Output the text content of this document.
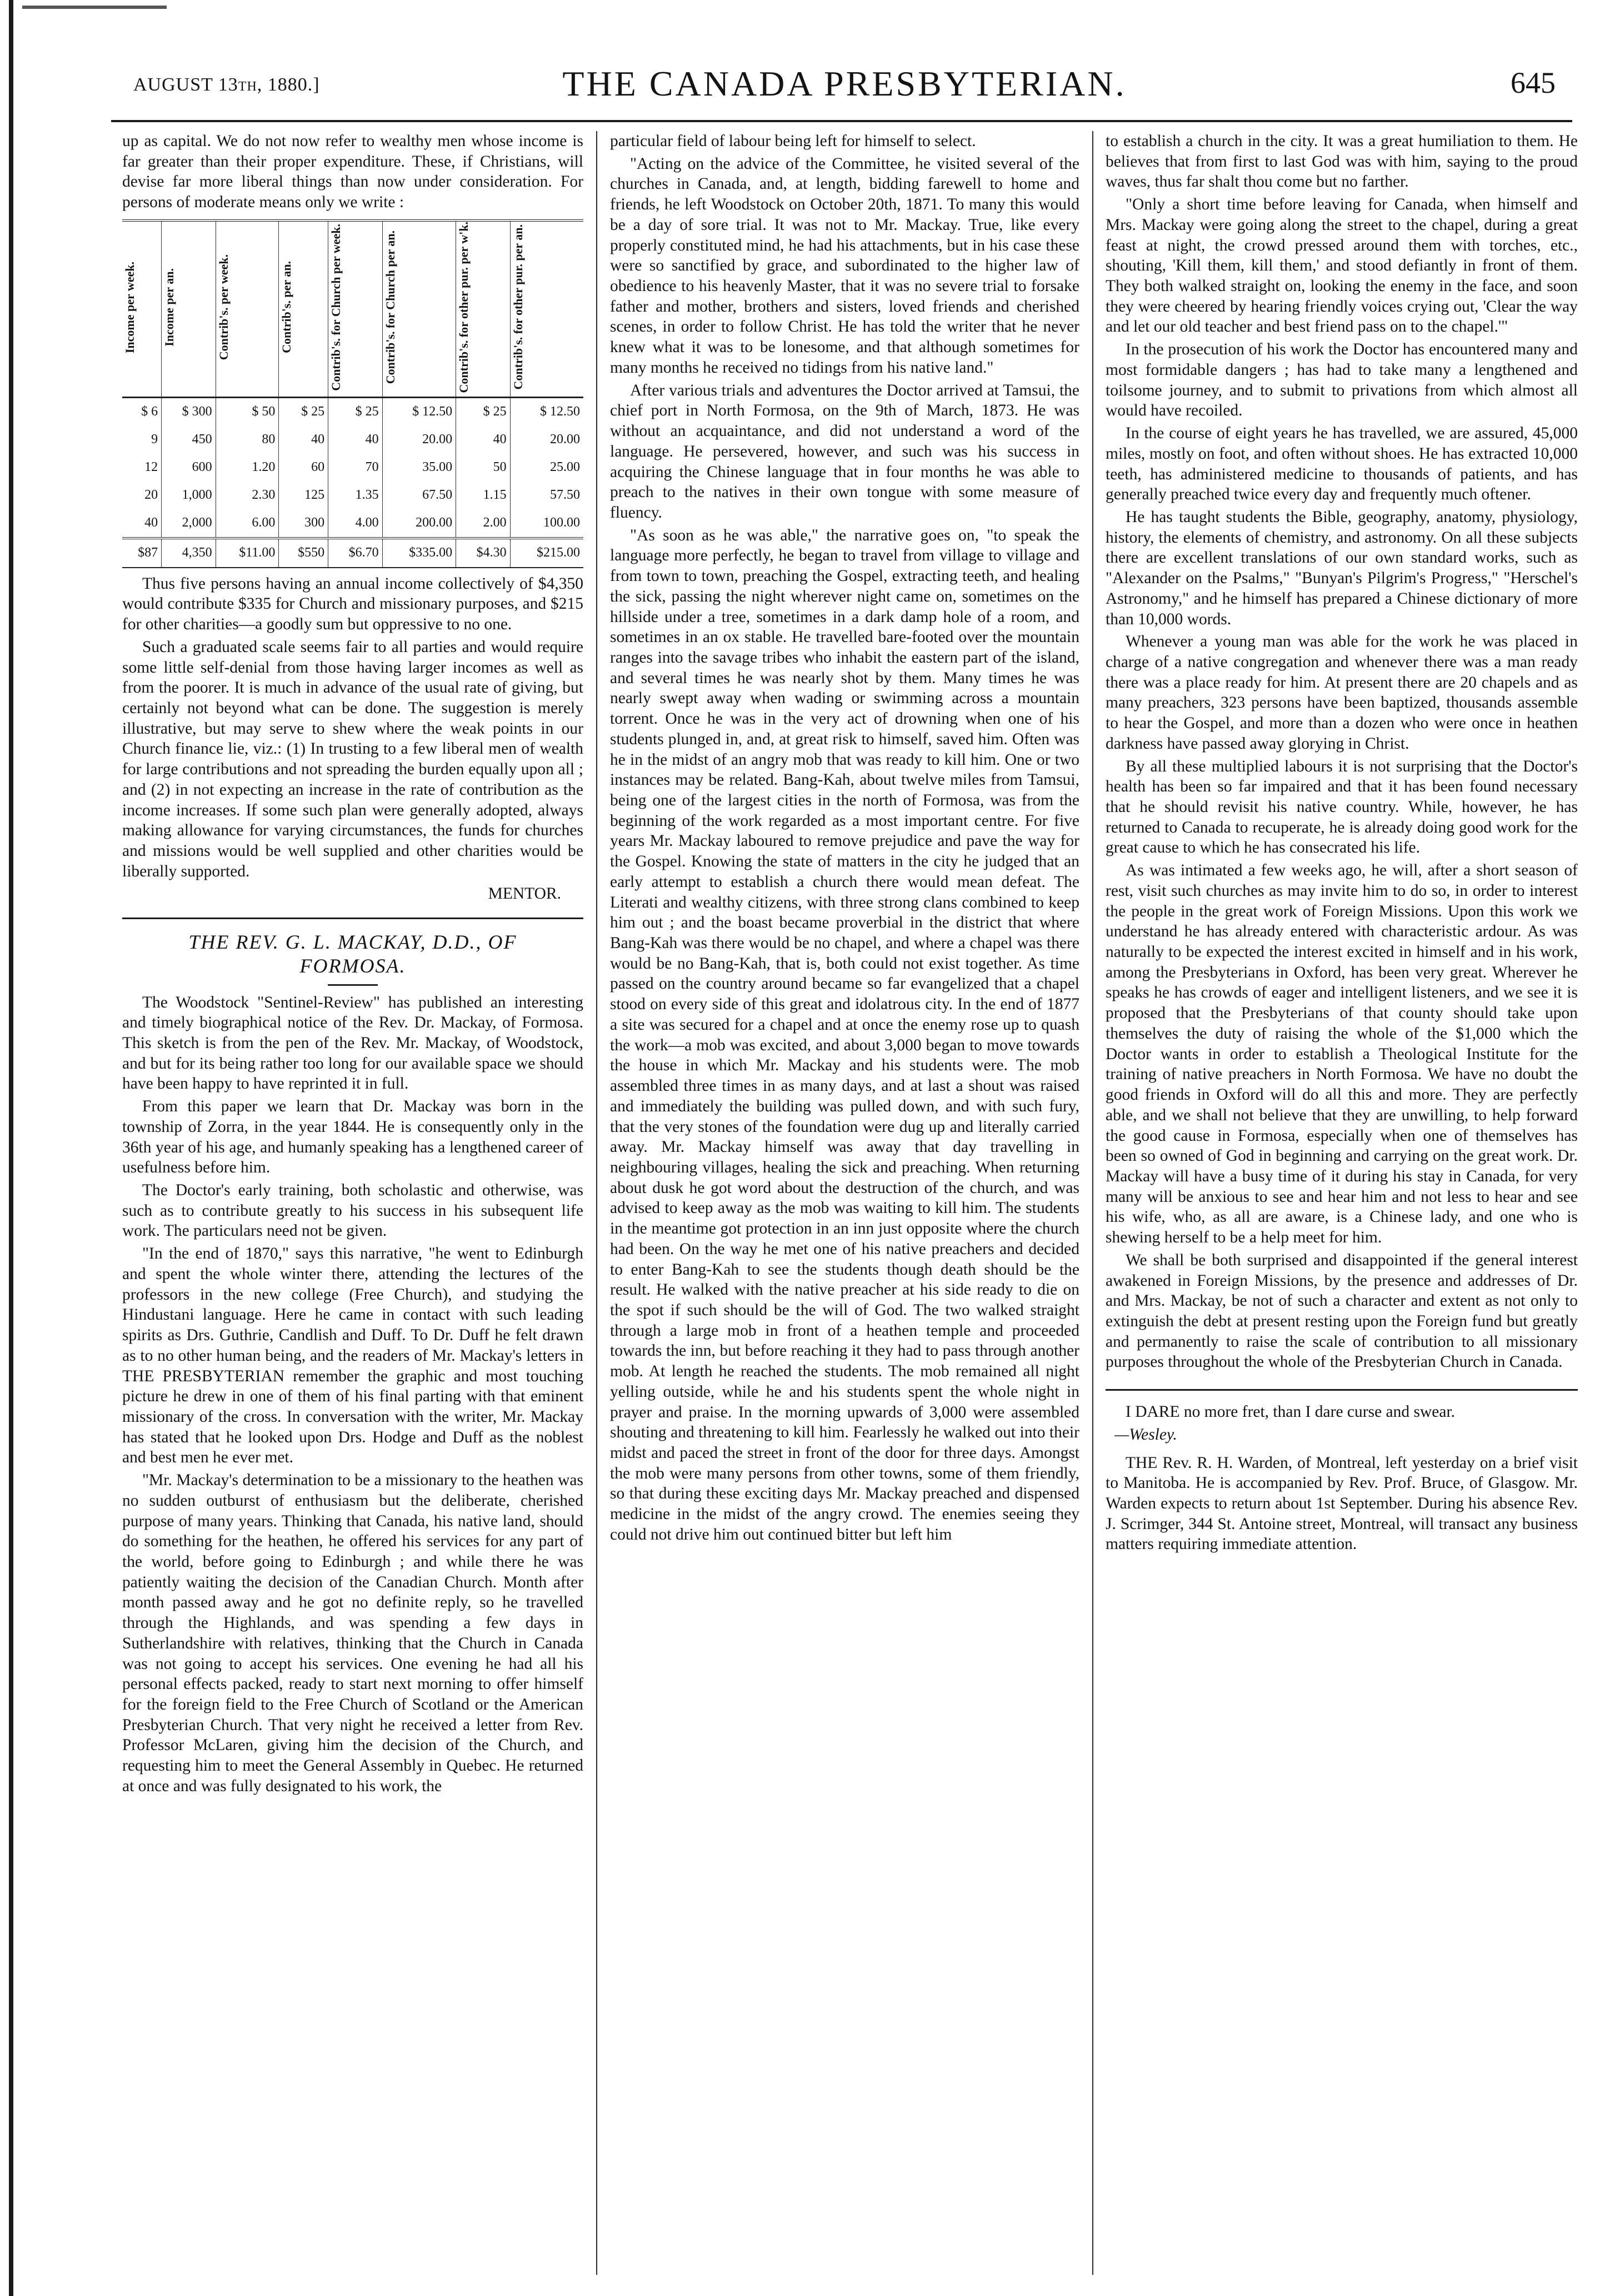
AUGUST 13th, 1880.]	THE CANADA PRESBYTERIAN.	645

up as capital. We do not now refer to wealthy men whose income is far greater than their proper expenditure. These, if Christians, will devise far more liberal things than now under consideration. For persons of moderate means only we write :

Income per week.	Income per an.	Contrib's. per week.	Contrib's. per an.	Contrib's. for Church per week.	Contrib's. for Church per an.	Contrib's. for other pur. per w'k.	Contrib's. for other pur. per an.
$ 6	$ 300	$ 50	$ 25	$ 25	$ 12.50	$ 25	$ 12.50
9	450	80	40	40	20.00	40	20.00
12	600	1.20	60	70	35.00	50	25.00
20	1,000	2.30	125	1.35	67.50	1.15	57.50
40	2,000	6.00	300	4.00	200.00	2.00	100.00
$87	4,350	$11.00	$550	$6.70	$335.00	$4.30	$215.00

Thus five persons having an annual income collectively of $4,350 would contribute $335 for Church and missionary purposes, and $215 for other charities—a goodly sum but oppressive to no one.

Such a graduated scale seems fair to all parties and would require some little self-denial from those having larger incomes as well as from the poorer. It is much in advance of the usual rate of giving, but certainly not beyond what can be done. The suggestion is merely illustrative, but may serve to shew where the weak points in our Church finance lie, viz.: (1) In trusting to a few liberal men of wealth for large contributions and not spreading the burden equally upon all ; and (2) in not expecting an increase in the rate of contribution as the income increases. If some such plan were generally adopted, always making allowance for varying circumstances, the funds for churches and missions would be well supplied and other charities would be liberally supported.

MENTOR.

THE REV. G. L. MACKAY, D.D., OF
FORMOSA.

The Woodstock "Sentinel-Review" has published an interesting and timely biographical notice of the Rev. Dr. Mackay, of Formosa. This sketch is from the pen of the Rev. Mr. Mackay, of Woodstock, and but for its being rather too long for our available space we should have been happy to have reprinted it in full.

From this paper we learn that Dr. Mackay was born in the township of Zorra, in the year 1844. He is consequently only in the 36th year of his age, and humanly speaking has a lengthened career of usefulness before him.

The Doctor's early training, both scholastic and otherwise, was such as to contribute greatly to his success in his subsequent life work. The particulars need not be given.

"In the end of 1870," says this narrative, "he went to Edinburgh and spent the whole winter there, attending the lectures of the professors in the new college (Free Church), and studying the Hindustani language. Here he came in contact with such leading spirits as Drs. Guthrie, Candlish and Duff. To Dr. Duff he felt drawn as to no other human being, and the readers of Mr. Mackay's letters in THE PRESBYTERIAN remember the graphic and most touching picture he drew in one of them of his final parting with that eminent missionary of the cross. In conversation with the writer, Mr. Mackay has stated that he looked upon Drs. Hodge and Duff as the noblest and best men he ever met.

"Mr. Mackay's determination to be a missionary to the heathen was no sudden outburst of enthusiasm but the deliberate, cherished purpose of many years. Thinking that Canada, his native land, should do something for the heathen, he offered his services for any part of the world, before going to Edinburgh ; and while there he was patiently waiting the decision of the Canadian Church. Month after month passed away and he got no definite reply, so he travelled through the Highlands, and was spending a few days in Sutherlandshire with relatives, thinking that the Church in Canada was not going to accept his services. One evening he had all his personal effects packed, ready to start next morning to offer himself for the foreign field to the Free Church of Scotland or the American Presbyterian Church. That very night he received a letter from Rev. Professor McLaren, giving him the decision of the Church, and requesting him to meet the General Assembly in Quebec. He returned at once and was fully designated to his work, the

particular field of labour being left for himself to select.

"Acting on the advice of the Committee, he visited several of the churches in Canada, and, at length, bidding farewell to home and friends, he left Woodstock on October 20th, 1871. To many this would be a day of sore trial. It was not to Mr. Mackay. True, like every properly constituted mind, he had his attachments, but in his case these were so sanctified by grace, and subordinated to the higher law of obedience to his heavenly Master, that it was no severe trial to forsake father and mother, brothers and sisters, loved friends and cherished scenes, in order to follow Christ. He has told the writer that he never knew what it was to be lonesome, and that although sometimes for many months he received no tidings from his native land."

After various trials and adventures the Doctor arrived at Tamsui, the chief port in North Formosa, on the 9th of March, 1873. He was without an acquaintance, and did not understand a word of the language. He persevered, however, and such was his success in acquiring the Chinese language that in four months he was able to preach to the natives in their own tongue with some measure of fluency.

"As soon as he was able," the narrative goes on, "to speak the language more perfectly, he began to travel from village to village and from town to town, preaching the Gospel, extracting teeth, and healing the sick, passing the night wherever night came on, sometimes on the hillside under a tree, sometimes in a dark damp hole of a room, and sometimes in an ox stable. He travelled bare-footed over the mountain ranges into the savage tribes who inhabit the eastern part of the island, and several times he was nearly shot by them. Many times he was nearly swept away when wading or swimming across a mountain torrent. Once he was in the very act of drowning when one of his students plunged in, and, at great risk to himself, saved him. Often was he in the midst of an angry mob that was ready to kill him. One or two instances may be related. Bang-Kah, about twelve miles from Tamsui, being one of the largest cities in the north of Formosa, was from the beginning of the work regarded as a most important centre. For five years Mr. Mackay laboured to remove prejudice and pave the way for the Gospel. Knowing the state of matters in the city he judged that an early attempt to establish a church there would mean defeat. The Literati and wealthy citizens, with three strong clans combined to keep him out ; and the boast became proverbial in the district that where Bang-Kah was there would be no chapel, and where a chapel was there would be no Bang-Kah, that is, both could not exist together. As time passed on the country around became so far evangelized that a chapel stood on every side of this great and idolatrous city. In the end of 1877 a site was secured for a chapel and at once the enemy rose up to quash the work—a mob was excited, and about 3,000 began to move towards the house in which Mr. Mackay and his students were. The mob assembled three times in as many days, and at last a shout was raised and immediately the building was pulled down, and with such fury, that the very stones of the foundation were dug up and literally carried away. Mr. Mackay himself was away that day travelling in neighbouring villages, healing the sick and preaching. When returning about dusk he got word about the destruction of the church, and was advised to keep away as the mob was waiting to kill him. The students in the meantime got protection in an inn just opposite where the church had been. On the way he met one of his native preachers and decided to enter Bang-Kah to see the students though death should be the result. He walked with the native preacher at his side ready to die on the spot if such should be the will of God. The two walked straight through a large mob in front of a heathen temple and proceeded towards the inn, but before reaching it they had to pass through another mob. At length he reached the students. The mob remained all night yelling outside, while he and his students spent the whole night in prayer and praise. In the morning upwards of 3,000 were assembled shouting and threatening to kill him. Fearlessly he walked out into their midst and paced the street in front of the door for three days. Amongst the mob were many persons from other towns, some of them friendly, so that during these exciting days Mr. Mackay preached and dispensed medicine in the midst of the angry crowd. The enemies seeing they could not drive him out continued bitter but left him

to establish a church in the city. It was a great humiliation to them. He believes that from first to last God was with him, saying to the proud waves, thus far shalt thou come but no farther.

"Only a short time before leaving for Canada, when himself and Mrs. Mackay were going along the street to the chapel, during a great feast at night, the crowd pressed around them with torches, etc., shouting, 'Kill them, kill them,' and stood defiantly in front of them. They both walked straight on, looking the enemy in the face, and soon they were cheered by hearing friendly voices crying out, 'Clear the way and let our old teacher and best friend pass on to the chapel.'"

In the prosecution of his work the Doctor has encountered many and most formidable dangers ; has had to take many a lengthened and toilsome journey, and to submit to privations from which almost all would have recoiled.

In the course of eight years he has travelled, we are assured, 45,000 miles, mostly on foot, and often without shoes. He has extracted 10,000 teeth, has administered medicine to thousands of patients, and has generally preached twice every day and frequently much oftener.

He has taught students the Bible, geography, anatomy, physiology, history, the elements of chemistry, and astronomy. On all these subjects there are excellent translations of our own standard works, such as "Alexander on the Psalms," "Bunyan's Pilgrim's Progress," "Herschel's Astronomy," and he himself has prepared a Chinese dictionary of more than 10,000 words.

Whenever a young man was able for the work he was placed in charge of a native congregation and whenever there was a man ready there was a place ready for him. At present there are 20 chapels and as many preachers, 323 persons have been baptized, thousands assemble to hear the Gospel, and more than a dozen who were once in heathen darkness have passed away glorying in Christ.

By all these multiplied labours it is not surprising that the Doctor's health has been so far impaired and that it has been found necessary that he should revisit his native country. While, however, he has returned to Canada to recuperate, he is already doing good work for the great cause to which he has consecrated his life.

As was intimated a few weeks ago, he will, after a short season of rest, visit such churches as may invite him to do so, in order to interest the people in the great work of Foreign Missions. Upon this work we understand he has already entered with characteristic ardour. As was naturally to be expected the interest excited in himself and in his work, among the Presbyterians in Oxford, has been very great. Wherever he speaks he has crowds of eager and intelligent listeners, and we see it is proposed that the Presbyterians of that county should take upon themselves the duty of raising the whole of the $1,000 which the Doctor wants in order to establish a Theological Institute for the training of native preachers in North Formosa. We have no doubt the good friends in Oxford will do all this and more. They are perfectly able, and we shall not believe that they are unwilling, to help forward the good cause in Formosa, especially when one of themselves has been so owned of God in beginning and carrying on the great work. Dr. Mackay will have a busy time of it during his stay in Canada, for very many will be anxious to see and hear him and not less to hear and see his wife, who, as all are aware, is a Chinese lady, and one who is shewing herself to be a help meet for him.

We shall be both surprised and disappointed if the general interest awakened in Foreign Missions, by the presence and addresses of Dr. and Mrs. Mackay, be not of such a character and extent as not only to extinguish the debt at present resting upon the Foreign fund but greatly and permanently to raise the scale of contribution to all missionary purposes throughout the whole of the Presbyterian Church in Canada.

I DARE no more fret, than I dare curse and swear.

—Wesley.

THE Rev. R. H. Warden, of Montreal, left yesterday on a brief visit to Manitoba. He is accompanied by Rev. Prof. Bruce, of Glasgow. Mr. Warden expects to return about 1st September. During his absence Rev. J. Scrimger, 344 St. Antoine street, Montreal, will transact any business matters requiring immediate attention.
